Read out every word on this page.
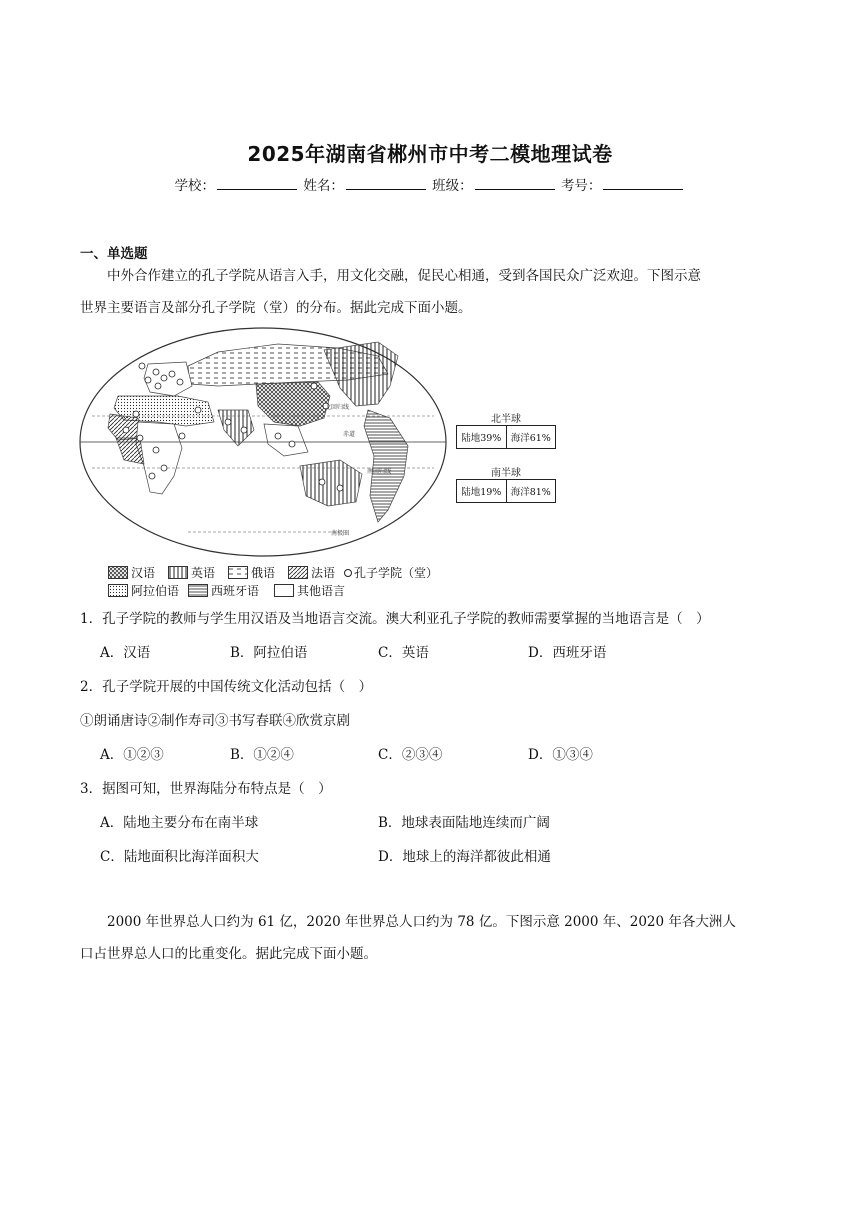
2025年湖南省郴州市中考二模地理试卷
学校：	姓名：	班级：	考号：
一、单选题
中外合作建立的孔子学院从语言入手，用文化交融，促民心相通，受到各国民众广泛欢迎。下图示意
世界主要语言及部分孔子学院（堂）的分布。据此完成下面小题。
北回归线
赤道
南回归线
南极圈
北半球
陆地39% 海洋61%
南半球
陆地19% 海洋81%
汉语	英语	俄语	法语 孔子学院（堂）
阿拉伯语	西班牙语	其他语言
1．孔子学院的教师与学生用汉语及当地语言交流。澳大利亚孔子学院的教师需要掌握的当地语言是（　）
A．汉语	B．阿拉伯语	C．英语	D．西班牙语
2．孔子学院开展的中国传统文化活动包括（　）
①朗诵唐诗②制作寿司③书写春联④欣赏京剧
A．①②③	B．①②④	C．②③④	D．①③④
3．据图可知，世界海陆分布特点是（　）
A．陆地主要分布在南半球	B．地球表面陆地连续而广阔
C．陆地面积比海洋面积大	D．地球上的海洋都彼此相通
2000 年世界总人口约为 61 亿，2020 年世界总人口约为 78 亿。下图示意 2000 年、2020 年各大洲人
口占世界总人口的比重变化。据此完成下面小题。
